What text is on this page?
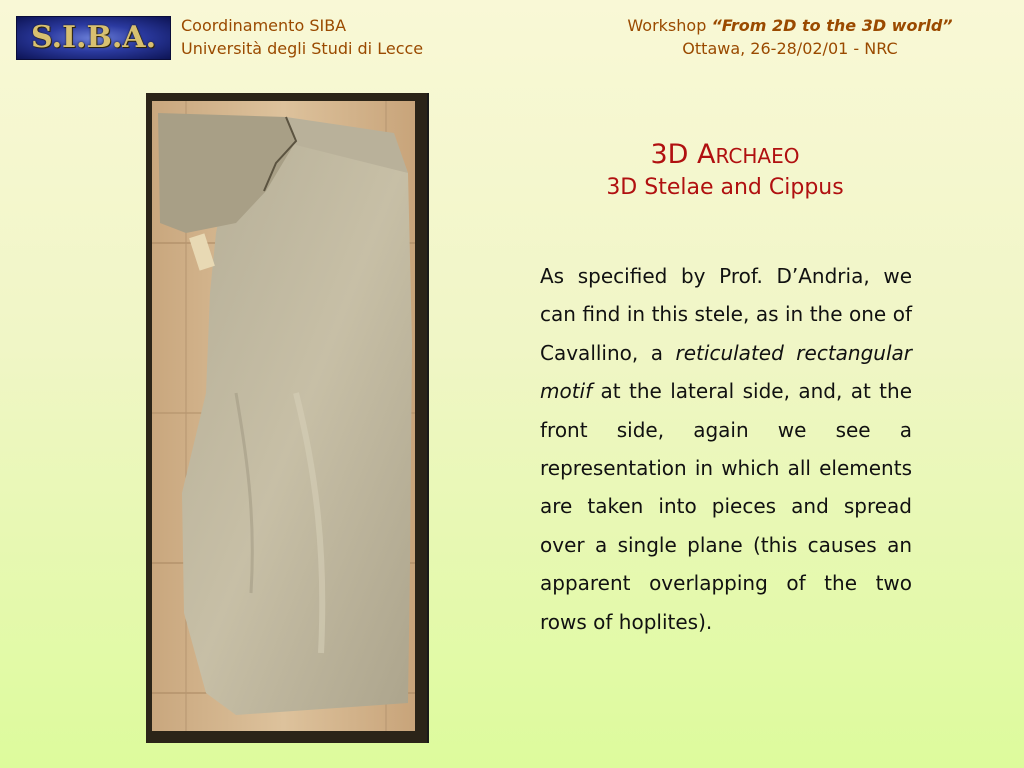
S.I.B.A.	Coordinamento SIBA
Università degli Studi di Lecce
Workshop “From 2D to the 3D world”
Ottawa, 26-28/02/01 - NRC
3D ARCHAEO
3D Stelae and Cippus
As specified by Prof. D’Andria, we can find in this stele, as in the one of Cavallino, a reticulated rectangular motif at the lateral side, and, at the front side, again we see a representation in which all elements are taken into pieces and spread over a single plane (this causes an apparent overlapping of the two rows of hoplites).
